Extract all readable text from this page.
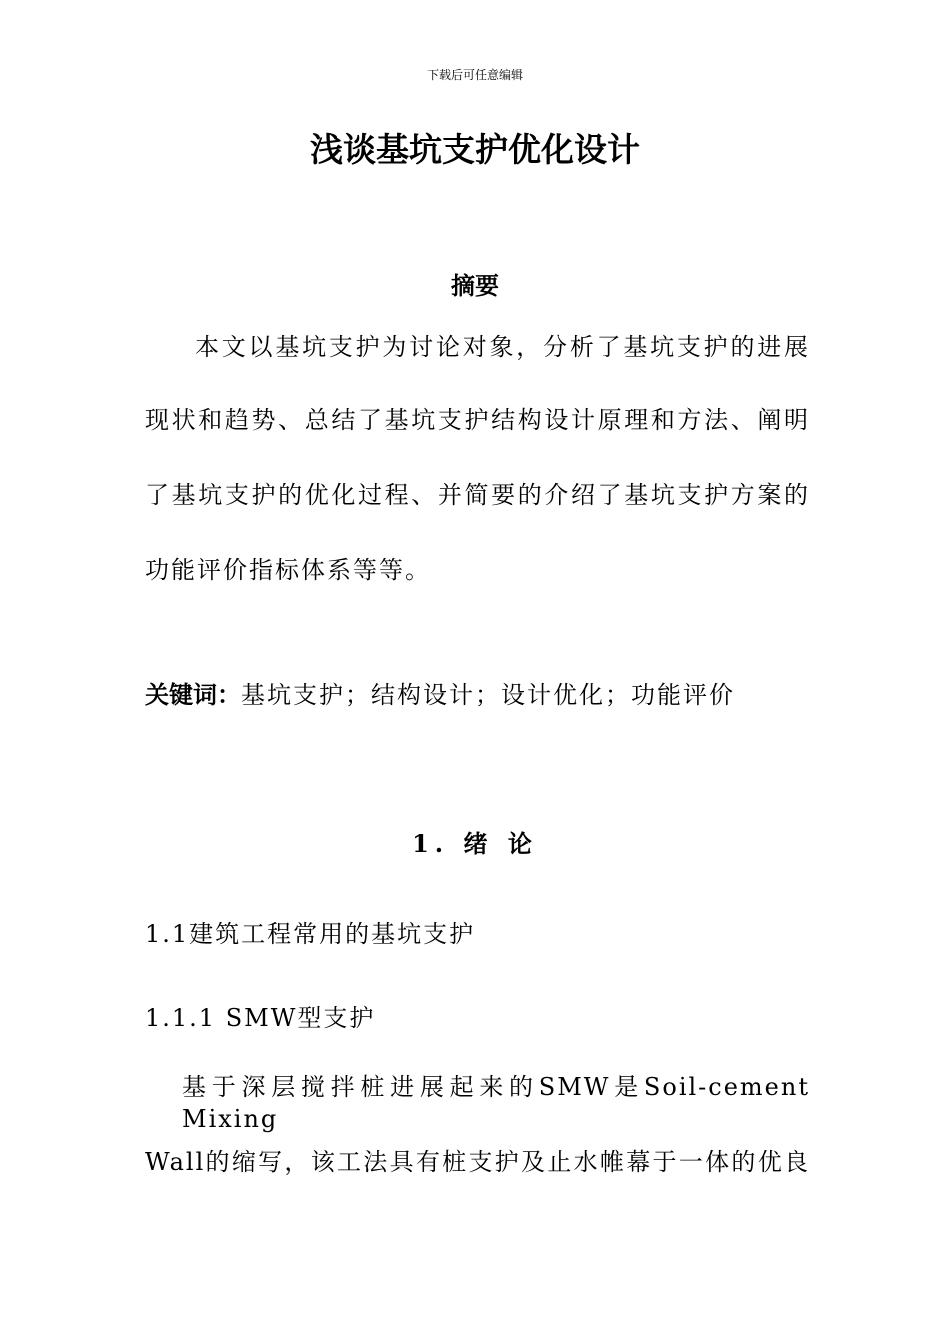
下载后可任意编辑
浅谈基坑支护优化设计
摘要
本文以基坑支护为讨论对象，分析了基坑支护的进展
现状和趋势、总结了基坑支护结构设计原理和方法、阐明
了基坑支护的优化过程、并简要的介绍了基坑支护方案的
功能评价指标体系等等。
关键词：基坑支护；结构设计；设计优化；功能评价
1. 绪 论
1.1建筑工程常用的基坑支护
1.1.1 SMW型支护
基于深层搅拌桩进展起来的SMW是Soil-cement Mixing
Wall的缩写，该工法具有桩支护及止水帷幕于一体的优良
